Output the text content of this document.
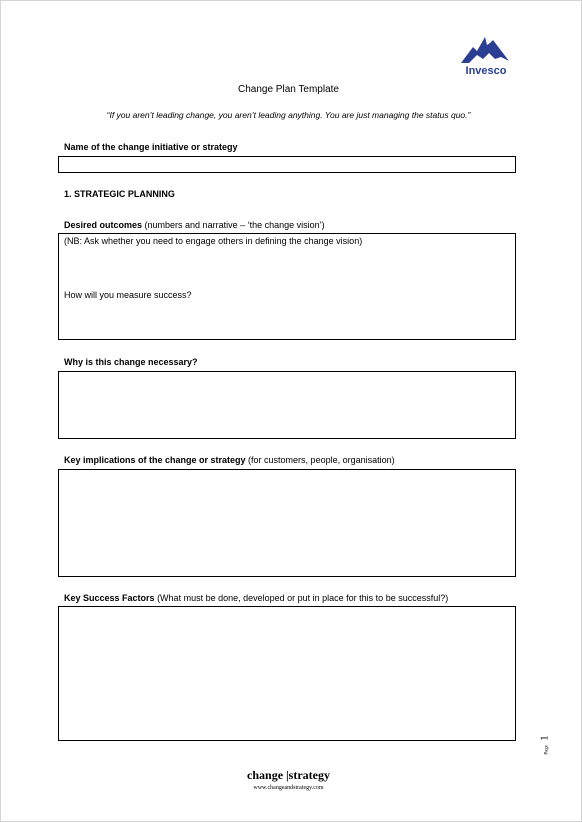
Invesco
Change Plan Template
“If you aren’t leading change, you aren’t leading anything. You are just managing the status quo.”
Name of the change initiative or strategy
1. STRATEGIC PLANNING
Desired outcomes (numbers and narrative – ‘the change vision’)
(NB: Ask whether you need to engage others in defining the change vision)
How will you measure success?
Why is this change necessary?
Key implications of the change or strategy (for customers, people, organisation)
Key Success Factors (What must be done, developed or put in place for this to be successful?)
Page 1
change |strategy
www.changeandstrategy.com
